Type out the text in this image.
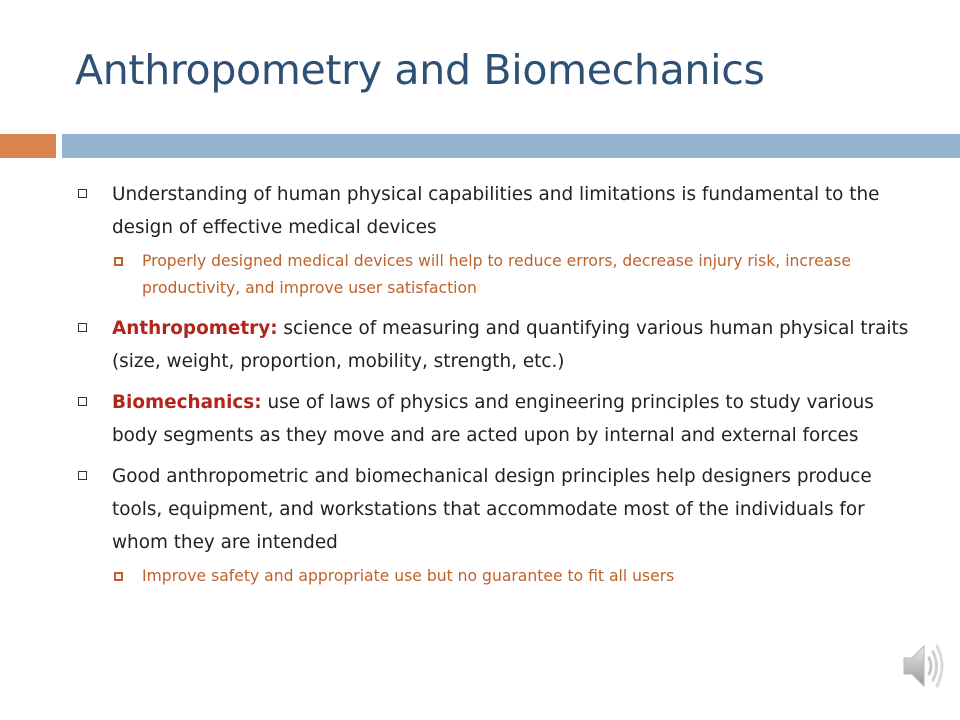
Anthropometry and Biomechanics
Understanding of human physical capabilities and limitations is fundamental to the design of effective medical devices
Properly designed medical devices will help to reduce errors, decrease injury risk, increase productivity, and improve user satisfaction
Anthropometry: science of measuring and quantifying various human physical traits (size, weight, proportion, mobility, strength, etc.)
Biomechanics: use of laws of physics and engineering principles to study various body segments as they move and are acted upon by internal and external forces
Good anthropometric and biomechanical design principles help designers produce tools, equipment, and workstations that accommodate most of the individuals for whom they are intended
Improve safety and appropriate use but no guarantee to fit all users
